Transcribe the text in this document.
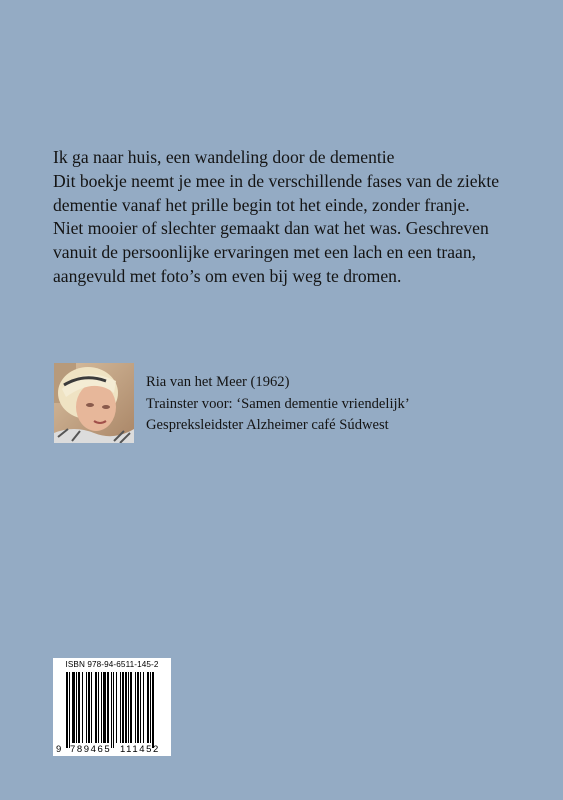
Ik ga naar huis, een wandeling door de dementie

Dit boekje neemt je mee in de verschillende fases van de ziekte

dementie vanaf het prille begin tot het einde, zonder franje.

Niet mooier of slechter gemaakt dan wat het was. Geschreven

vanuit de persoonlijke ervaringen met een lach en een traan,

aangevuld met foto’s om even bij weg te dromen.

Ria van het Meer (1962)

Trainster voor: ‘Samen dementie vriendelijk’

Gespreksleidster Alzheimer café Súdwest

ISBN 978-94-6511-145-2
9 789465 111452
